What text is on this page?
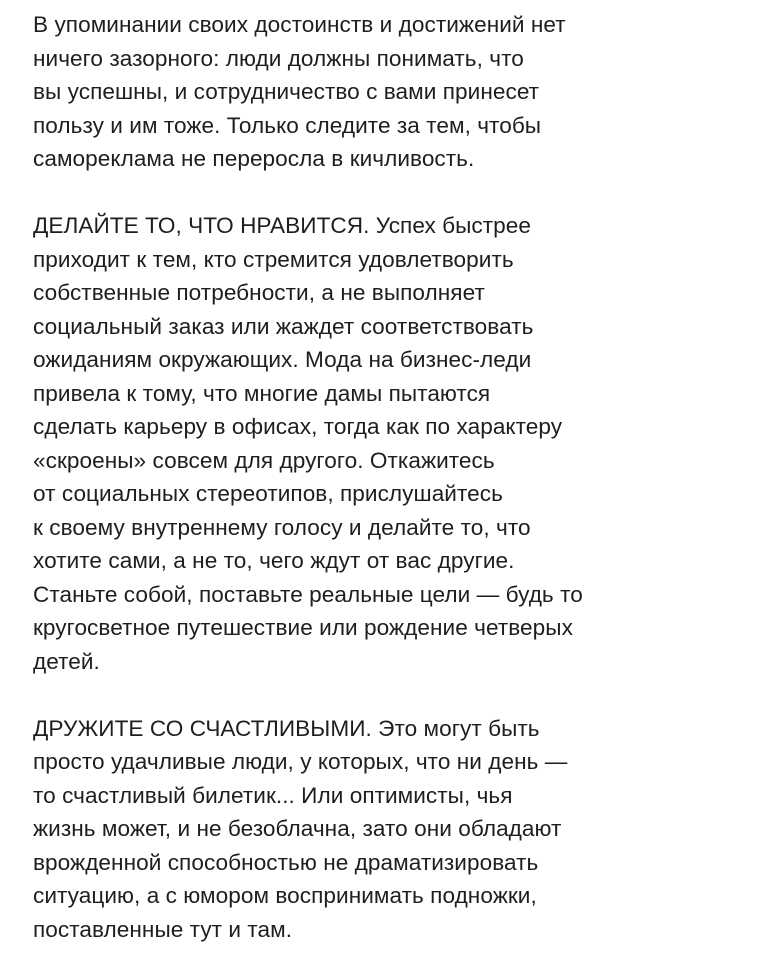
В упоминании своих достоинств и достижений нет
ничего зазорного: люди должны понимать, что
вы успешны, и сотрудничество с вами принесет
пользу и им тоже. Только следите за тем, чтобы
самореклама не переросла в кичливость.
ДЕЛАЙТЕ ТО, ЧТО НРАВИТСЯ. Успех быстрее
приходит к тем, кто стремится удовлетворить
собственные потребности, а не выполняет
социальный заказ или жаждет соответствовать
ожиданиям окружающих. Мода на бизнес-леди
привела к тому, что многие дамы пытаются
сделать карьеру в офисах, тогда как по характеру
«скроены» совсем для другого. Откажитесь
от социальных стереотипов, прислушайтесь
к своему внутреннему голосу и делайте то, что
хотите сами, а не то, чего ждут от вас другие.
Станьте собой, поставьте реальные цели — будь то
кругосветное путешествие или рождение четверых
детей.
ДРУЖИТЕ СО СЧАСТЛИВЫМИ. Это могут быть
просто удачливые люди, у которых, что ни день —
то счастливый билетик... Или оптимисты, чья
жизнь может, и не безоблачна, зато они обладают
врожденной способностью не драматизировать
ситуацию, а с юмором воспринимать подножки,
поставленные тут и там.
